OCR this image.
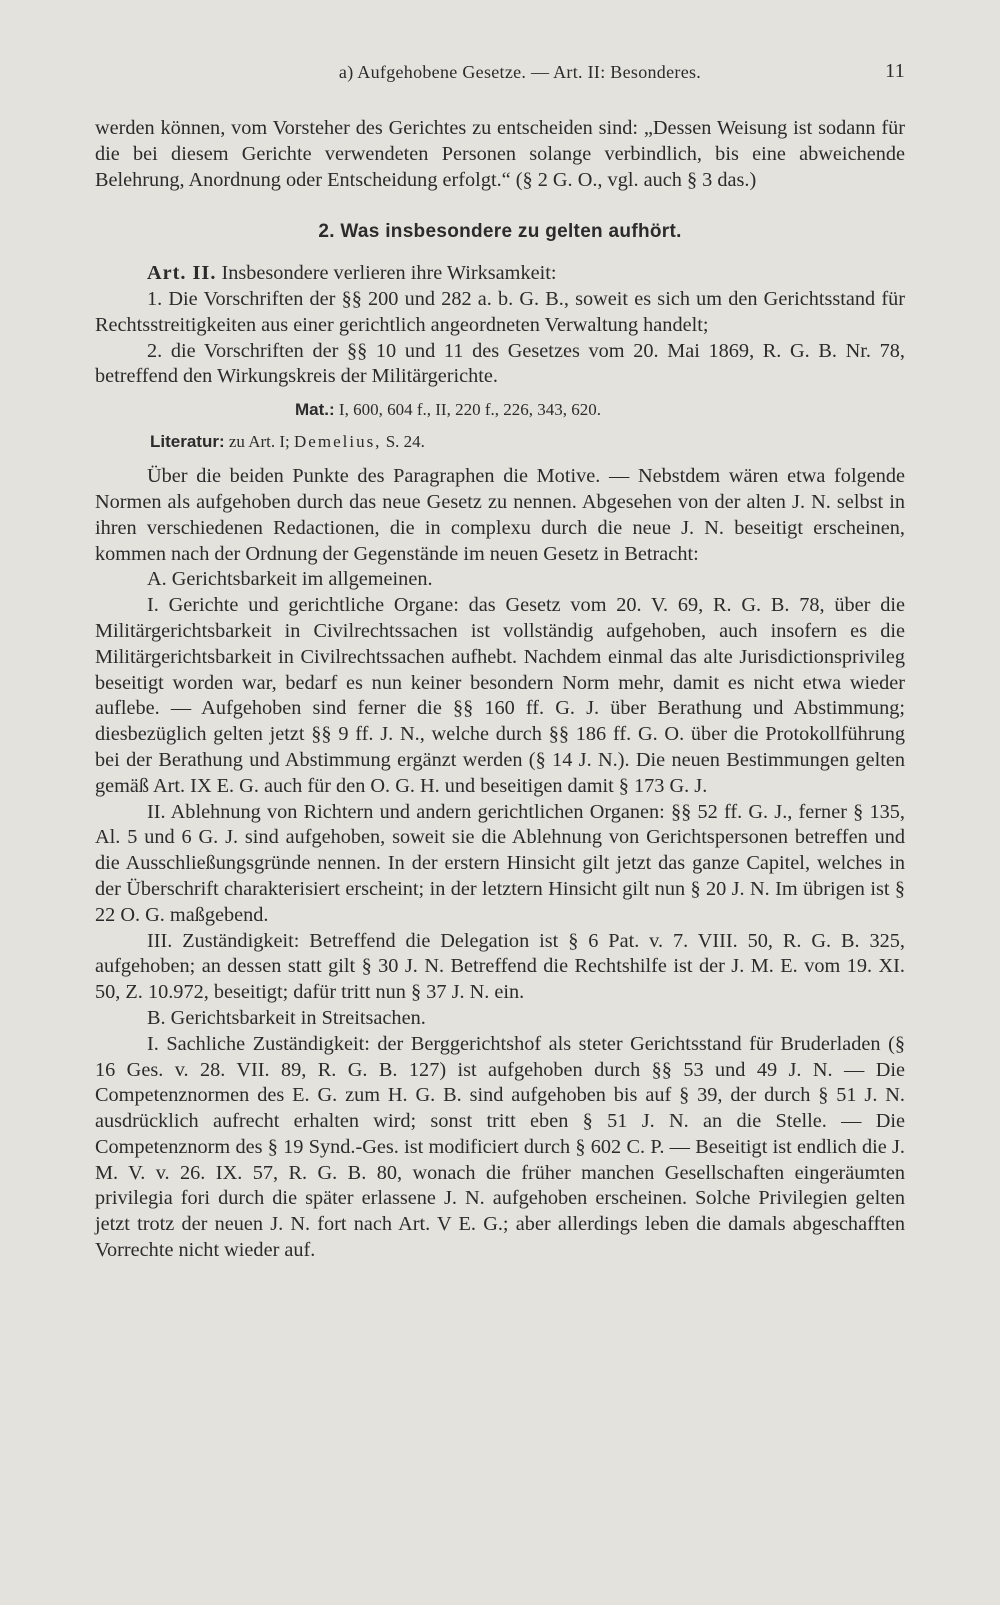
a) Aufgehobene Gesetze. — Art. II: Besonderes.	11

werden können, vom Vorsteher des Gerichtes zu entscheiden sind: „Dessen Weisung ist sodann für die bei diesem Gerichte verwendeten Personen solange verbindlich, bis eine abweichende Belehrung, Anordnung oder Entscheidung erfolgt.“ (§ 2 G. O., vgl. auch § 3 das.)

2. Was insbesondere zu gelten aufhört.

Art. II. Insbesondere verlieren ihre Wirksamkeit:

1. Die Vorschriften der §§ 200 und 282 a. b. G. B., soweit es sich um den Gerichtsstand für Rechtsstreitigkeiten aus einer gerichtlich angeordneten Verwaltung handelt;

2. die Vorschriften der §§ 10 und 11 des Gesetzes vom 20. Mai 1869, R. G. B. Nr. 78, betreffend den Wirkungskreis der Militärgerichte.

Mat.: I, 600, 604 f., II, 220 f., 226, 343, 620.

Literatur: zu Art. I; Demelius, S. 24.

Über die beiden Punkte des Paragraphen die Motive. — Nebstdem wären etwa folgende Normen als aufgehoben durch das neue Gesetz zu nennen. Abgesehen von der alten J. N. selbst in ihren verschiedenen Redactionen, die in complexu durch die neue J. N. beseitigt erscheinen, kommen nach der Ordnung der Gegenstände im neuen Gesetz in Betracht:

A. Gerichtsbarkeit im allgemeinen.

I. Gerichte und gerichtliche Organe: das Gesetz vom 20. V. 69, R. G. B. 78, über die Militärgerichtsbarkeit in Civilrechtssachen ist vollständig aufgehoben, auch insofern es die Militärgerichtsbarkeit in Civilrechtssachen aufhebt. Nachdem einmal das alte Jurisdictionsprivileg beseitigt worden war, bedarf es nun keiner besondern Norm mehr, damit es nicht etwa wieder auflebe. — Aufgehoben sind ferner die §§ 160 ff. G. J. über Berathung und Abstimmung; diesbezüglich gelten jetzt §§ 9 ff. J. N., welche durch §§ 186 ff. G. O. über die Protokollführung bei der Berathung und Abstimmung ergänzt werden (§ 14 J. N.). Die neuen Bestimmungen gelten gemäß Art. IX E. G. auch für den O. G. H. und beseitigen damit § 173 G. J.

II. Ablehnung von Richtern und andern gerichtlichen Organen: §§ 52 ff. G. J., ferner § 135, Al. 5 und 6 G. J. sind aufgehoben, soweit sie die Ablehnung von Gerichtspersonen betreffen und die Ausschließungsgründe nennen. In der erstern Hinsicht gilt jetzt das ganze Capitel, welches in der Überschrift charakterisiert erscheint; in der letztern Hinsicht gilt nun § 20 J. N. Im übrigen ist § 22 O. G. maßgebend.

III. Zuständigkeit: Betreffend die Delegation ist § 6 Pat. v. 7. VIII. 50, R. G. B. 325, aufgehoben; an dessen statt gilt § 30 J. N. Betreffend die Rechtshilfe ist der J. M. E. vom 19. XI. 50, Z. 10.972, beseitigt; dafür tritt nun § 37 J. N. ein.

B. Gerichtsbarkeit in Streitsachen.

I. Sachliche Zuständigkeit: der Berggerichtshof als steter Gerichtsstand für Bruderladen (§ 16 Ges. v. 28. VII. 89, R. G. B. 127) ist aufgehoben durch §§ 53 und 49 J. N. — Die Competenznormen des E. G. zum H. G. B. sind aufgehoben bis auf § 39, der durch § 51 J. N. ausdrücklich aufrecht erhalten wird; sonst tritt eben § 51 J. N. an die Stelle. — Die Competenznorm des § 19 Synd.-Ges. ist modificiert durch § 602 C. P. — Beseitigt ist endlich die J. M. V. v. 26. IX. 57, R. G. B. 80, wonach die früher manchen Gesellschaften eingeräumten privilegia fori durch die später erlassene J. N. aufgehoben erscheinen. Solche Privilegien gelten jetzt trotz der neuen J. N. fort nach Art. V E. G.; aber allerdings leben die damals abgeschafften Vorrechte nicht wieder auf.
